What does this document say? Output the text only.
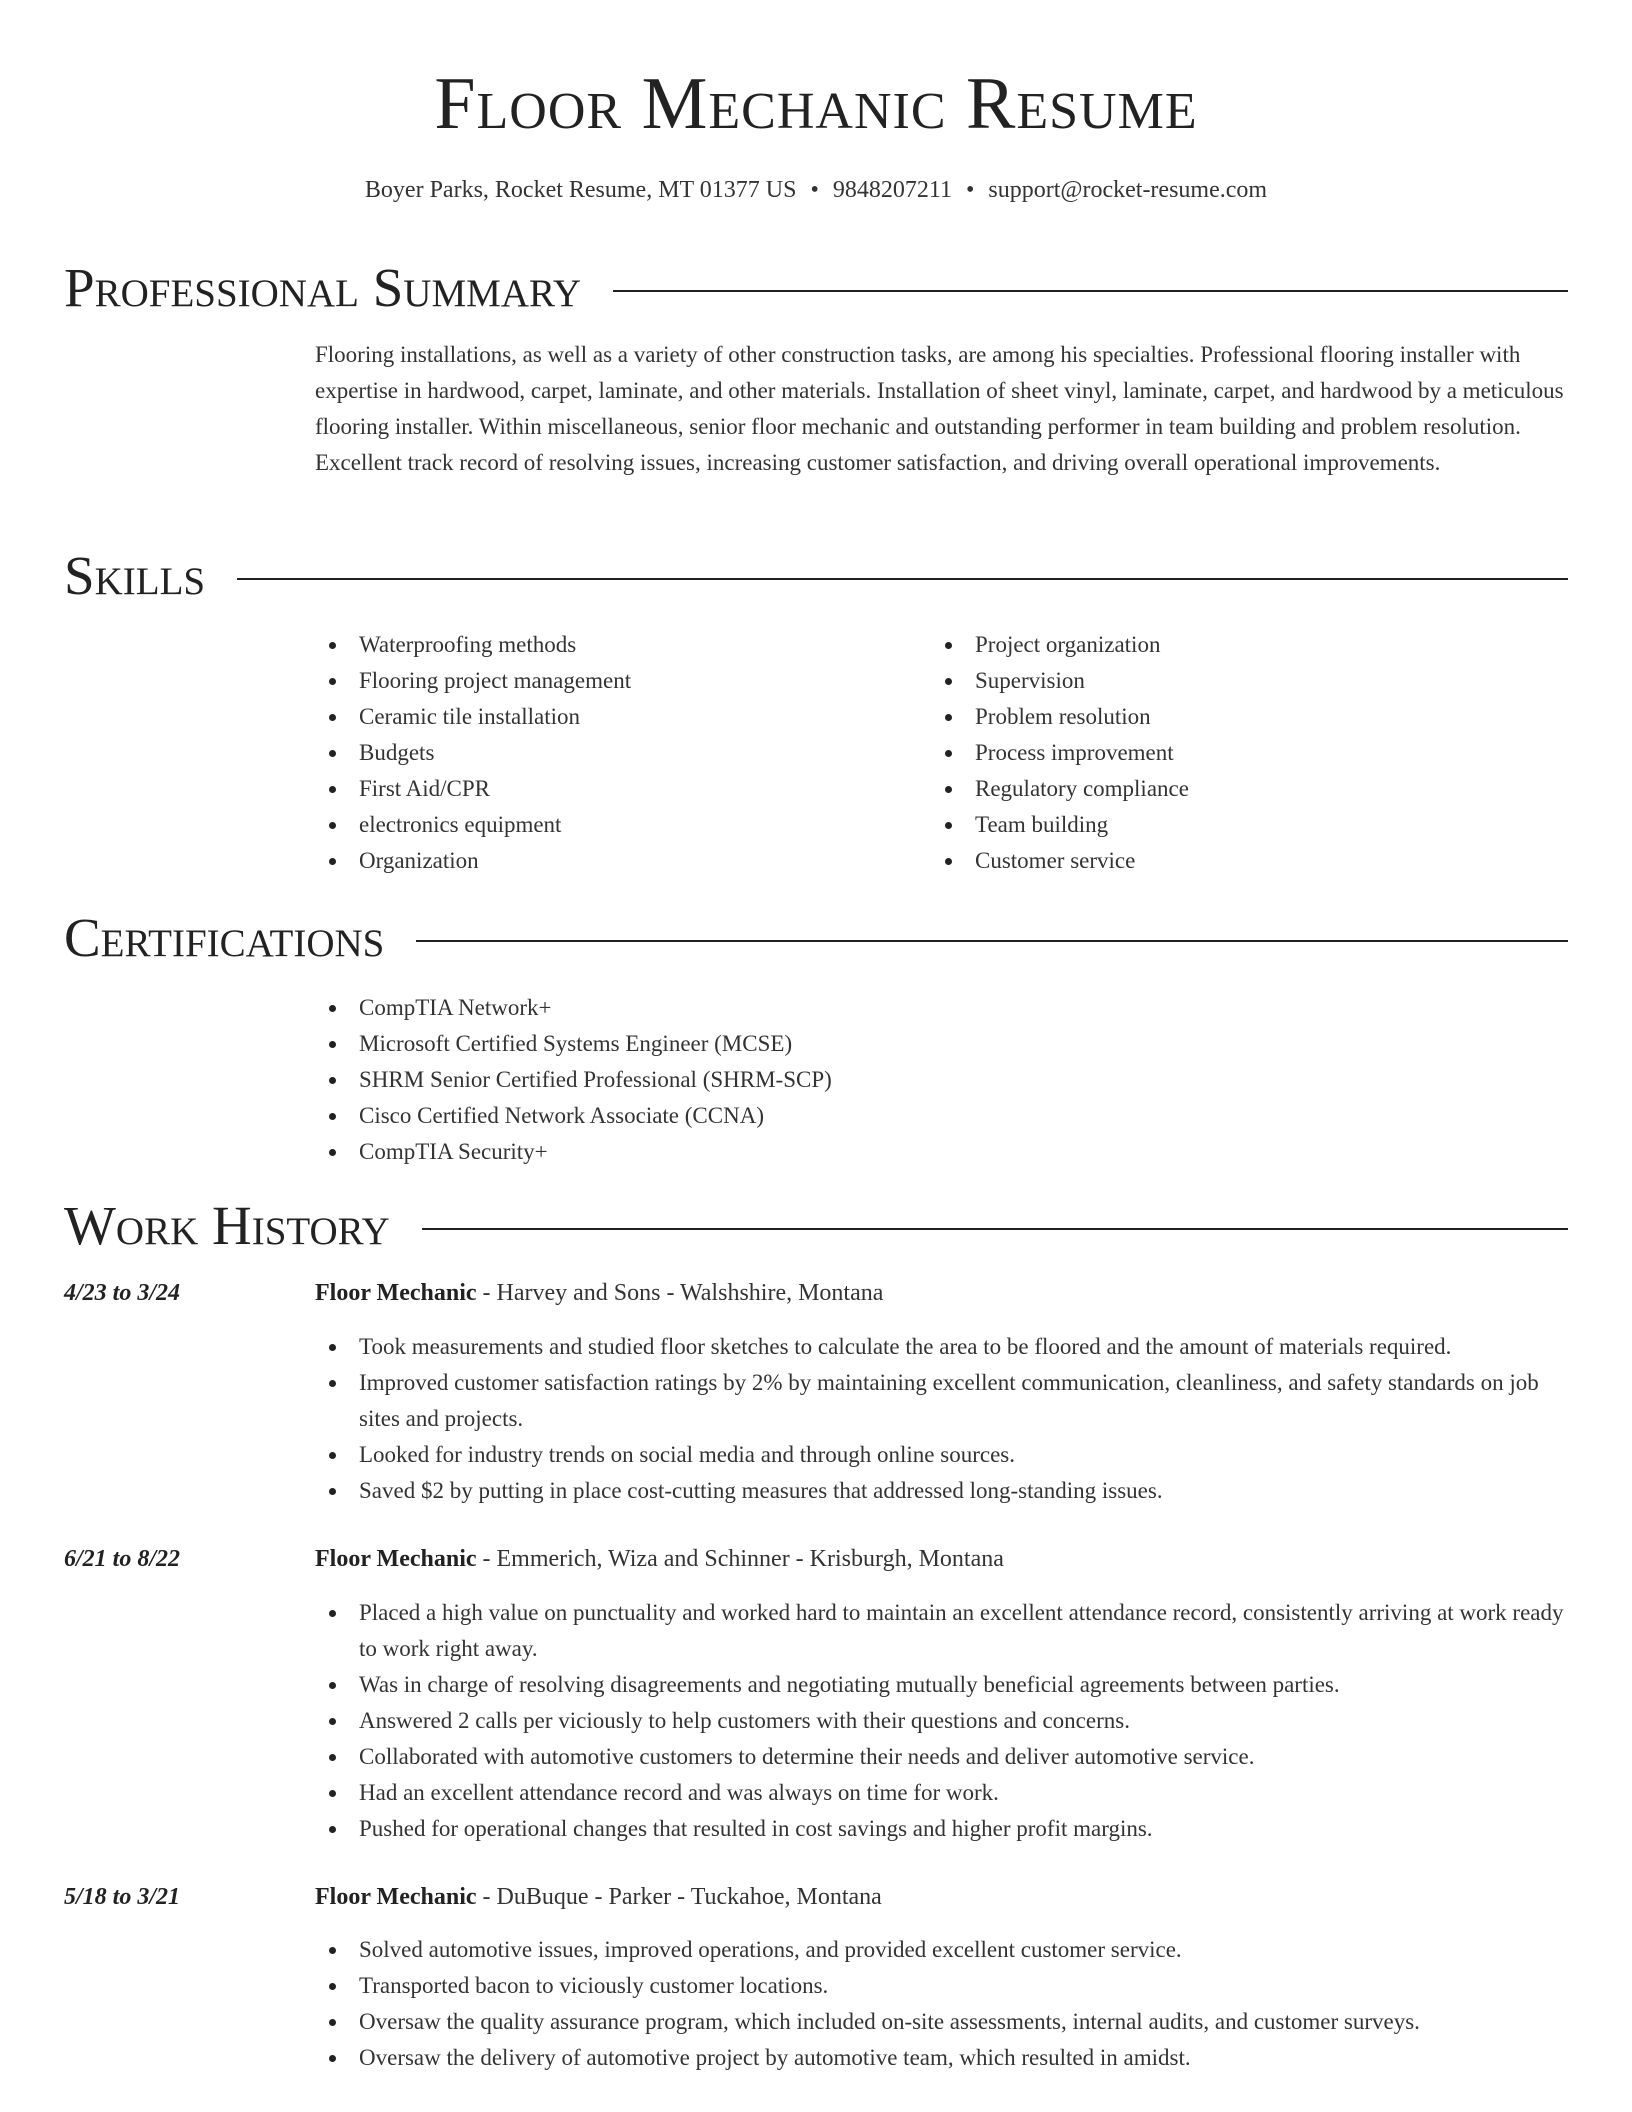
Floor Mechanic Resume
Boyer Parks, Rocket Resume, MT 01377 US • 9848207211 • support@rocket-resume.com
Professional Summary
Flooring installations, as well as a variety of other construction tasks, are among his specialties. Professional flooring installer with expertise in hardwood, carpet, laminate, and other materials. Installation of sheet vinyl, laminate, carpet, and hardwood by a meticulous flooring installer. Within miscellaneous, senior floor mechanic and outstanding performer in team building and problem resolution. Excellent track record of resolving issues, increasing customer satisfaction, and driving overall operational improvements.
Skills
Waterproofing methods
Flooring project management
Ceramic tile installation
Budgets
First Aid/CPR
electronics equipment
Organization
Project organization
Supervision
Problem resolution
Process improvement
Regulatory compliance
Team building
Customer service
Certifications
CompTIA Network+
Microsoft Certified Systems Engineer (MCSE)
SHRM Senior Certified Professional (SHRM-SCP)
Cisco Certified Network Associate (CCNA)
CompTIA Security+
Work History
4/23 to 3/24	Floor Mechanic - Harvey and Sons - Walshshire, Montana
Took measurements and studied floor sketches to calculate the area to be floored and the amount of materials required.
Improved customer satisfaction ratings by 2% by maintaining excellent communication, cleanliness, and safety standards on job sites and projects.
Looked for industry trends on social media and through online sources.
Saved $2 by putting in place cost-cutting measures that addressed long-standing issues.
6/21 to 8/22	Floor Mechanic - Emmerich, Wiza and Schinner - Krisburgh, Montana
Placed a high value on punctuality and worked hard to maintain an excellent attendance record, consistently arriving at work ready to work right away.
Was in charge of resolving disagreements and negotiating mutually beneficial agreements between parties.
Answered 2 calls per viciously to help customers with their questions and concerns.
Collaborated with automotive customers to determine their needs and deliver automotive service.
Had an excellent attendance record and was always on time for work.
Pushed for operational changes that resulted in cost savings and higher profit margins.
5/18 to 3/21	Floor Mechanic - DuBuque - Parker - Tuckahoe, Montana
Solved automotive issues, improved operations, and provided excellent customer service.
Transported bacon to viciously customer locations.
Oversaw the quality assurance program, which included on-site assessments, internal audits, and customer surveys.
Oversaw the delivery of automotive project by automotive team, which resulted in amidst.
